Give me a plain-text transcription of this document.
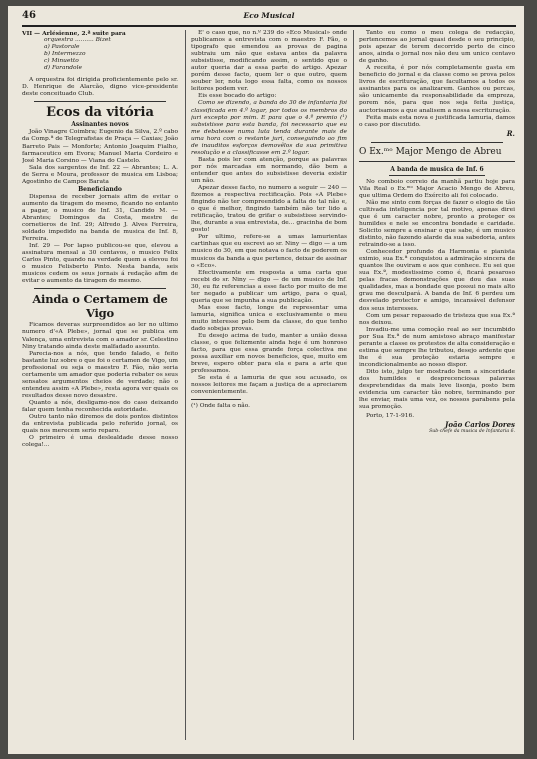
46	Eco Musical
VII — Arlésienne, 2.ª suite para
orquestra .......... Bizet
a) Pastorale
b) Intermezzo
c) Minuetto
d) Farandole

A orquestra foi dirigida proficientemente pelo sr. D. Henrique de Alarcão, digno vice-presidente deste conceituado Club.

Ecos da vitória
Assinantes novos

João Vinagre Coimbra; Eugenio da Silva, 2.º cabo da Comp.ª de Telegrafistas de Praça — Caxias; João Barreto Pais — Monforte; Antonio Joaquim Fialho, farmaceutico em Evora; Manuel Maria Cordeiro e José Maria Corsino — Viana do Castelo.

Sala dos sargentos de Inf. 22 — Abrantes; L. A. de Serra e Moura, professor de musica em Lisboa; Agostinho de Campos Barata

Beneficiando

Dispensa de receber jornais afim de evitar o aumento da tiragem do mesmo, ficando no entanto a pagar, o musico de Inf. 31, Candido M. — Abrantes; Domingos da Costa, mestre de cornetieros de Inf. 29; Alfredo J. Alves Ferreira, soldado impedido na banda de musica de Inf. 8, Ferreira.

Inf. 29 — Por lapso publicou-se que, elevou a assinatura mensal a 30 centavos, o musico Felix Carlos Pinto, quando na verdade quem a elevou foi o musico Felisberto Pinto. Nesta banda, seis musicos cedem os seus jornais á redação afim de evitar o aumento da tiragem do mesmo.

Ainda o Certamem de Vigo

Ficamos deveras surpreendidos ao ler no ultimo numero d'«A Plebe», jornal que se publica em Valença, uma entrevista com o amador sr. Celestino Niny tratando ainda deste malfadado assunto.

Parecia-nos a nós, que tendo falado, e feito bastante luz sobre o que foi o certamen de Vigo, um profissional ou seja o maestro F. Fão, não seria certamente um amador que poderia rebater os seus sensatos argumentos cheios de verdade; não o entendeu assim «A Plebe», resta agora ver quais os resultados desse novo desastre.

Quanto a nós, desligamo-nos do caso deixando falar quem tenha reconhecida autoridade.

Outro tanto não diremos de dois pontos distintos da entrevista publicada pelo referido jornal, os quais nos merecem serio reparo.

O primeiro é uma deslealdade desse nosso colega!...

E' o caso que, no n.º 239 do «Eco Musical» onde publicamos a entrevista com o maestro F. Fão, o tipografo que emendou as provas de pagina subtraiu um não que estava antes da palavra subsistisse, modificando assim, o sentido que o autor queria dar a essa parte do artigo. Apezar porém desse facto, quem ler o que outro, quem souber ler, nota logo essa falta, como os nossos leitores podem ver.

Eis esse bocado do artigo:

Como se dizendo, a banda do 30 de infantaria foi classificada em 4.º logar, por todos os membros do juri excepto por mim. E para que o 4.º premio (¹) subsistisse para esta banda, foi necessario que eu me debatesse numa luta tenda durante mais de uma hora com o restante juri, conseguindo ao fim de inauditos esforços demovêlos da sua primitiva resolução e a classificasse em 2.º logar.

Basta pois ler com atenção, porque as palavras por nós marcadas em normando, dão bem a entender que antes do subsistisse deveria existir um não.

Apezar desse facto, no numero a seguir — 240 — fizemos a respectiva rectificação. Pois «A Plebe» fingindo não ter compreendido a falta do tal não e, o que é melhor, fingindo também não ter lido a retificação, tratou de grifar o subsistisse servindo-lhe, durante a sua entrevista, de... gracinha de bom gosto!

Por ultimo, refere-se a umas lamurientas cartinhas que eu escrevi ao sr. Niny — digo — a um musico do 30, em que notava o facto de poderem os musicos da banda a que pertence, deixar de assinar o «Eco».

Efectivamente em resposta a uma carta que recebi do sr. Niny — digo — de um musico de Inf. 30, eu fiz referencias a esse facto por muito de me ter negado a publicar um artigo, para o qual, queria que se impunha a sua publicação.

Mas esse facto, longe de representar uma lamuria, significa unica e exclusivamente o meu muito interesse pelo bem da classe, do que tenho dado sobejas provas.

Eu desejo acima de tudo, manter a união dessa classe, o que felizmente ainda hoje é um honroso facto, para que essa grande força colectiva me possa auxiliar em novos beneficios, que, muito em breve, espero obter para ela e para a arte que professamos.

Se esta é a lamuria de que sou acusado, os nossos leitores me façam a justiça de a apreciarem convenientemente.

(¹) Onde falta o não.

Tanto eu como o meu colega de redacção, pertencemos ao jornal quasi desde o seu principio, pois apezar de terem decorrido perto de cinco anos, ainda o jornal nos não deu um unico centavo de ganho.

A receita, é por nós completamente gasta em beneficio do jornal e da classe como se prova pelos livros de escrituração, que facultamos a todos os assinantes para os analizarem. Ganhos ou percas, são unicamente da responsabilidade da empreza, porem nós, para que nos seja feita justiça, auctorisamos a que analisem a nossa escrituração.

Feita mais esta nova e justificada lamuria, damos o caso por discutido.

R.
O Ex.ᵐᵒ Major Mengo de Abreu
A banda de musica de Inf. 6

No comboio correio da manhã partiu hoje para Vila Real o Ex.ᵐᵒ Major Acacio Mengo de Abreu, que ultima Ordem do Exército ali foi colocado.

Não me sinto com forças de fazer o elogio de tão cultivada inteligencia por tal motivo, apenas direi que é um caracter nobre, pronto a proteger os humildes e nele se encontra bondade e caridade. Solicito sempre a ensinar o que sabe, é um musico distinto, não fazendo alarde da sua sabedoria, antes retraindo-se a isso.

Conhecedor profundo da Harmonia e pianista eximio, sua Ex.ª conquistou a admiração sincera de quantos lhe ouviram e aos que conhece. Eu sei que sua Ex.ª, modestissimo como é, ficará pesaroso pelas fracas demonstrações que dou das suas qualidades, mas a bondade que possui no mais alto grau me desculpará. A banda de Inf. 6 perdeu um desvelado protector e amigo, incansável defensor dos seus interesses.

Com um pesar repassado de tristeza que sua Ex.ª nos deixou.

Invadiu-me uma comoção real ao ser incumbido por Sua Ex.ª de num amistoso abraço manifestar perante a classe os protestos de alta consideração e estima que sempre lhe tributou, desejo ardente que lhe é sua proteção estaria sempre e incondicionalmente ao nosso dispor.

Dito isto, julgo ter mostrado bem a sinceridade dos humildes e desprecenciosas palavras despretendidas da mais leve lisonja, posto bem evidencia um caracter tão nobre, terminando por lhe enviar, mais uma vez, os nossos parabens pela sua promoção.

Porto, 17-1-916.

João Carlos Dores
Sub-chefe da musica de Infantaria 6.
